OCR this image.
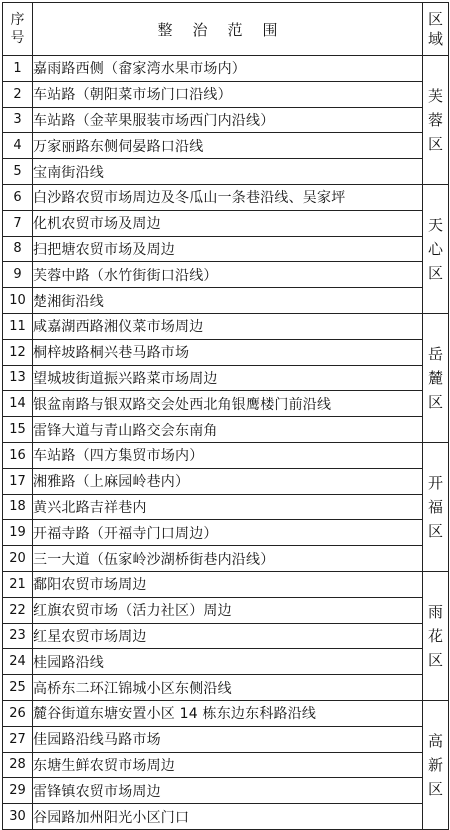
序
号	整治范围	区
域

1	嘉雨路西侧（畲家湾水果市场内）	芙
蓉
区

2	车站路（朝阳菜市场门口沿线）	
3	车站路（金苹果服装市场西门内沿线）	
4	万家丽路东侧伺晏路口沿线	
5	宝南街沿线	
6	白沙路农贸市场周边及冬瓜山一条巷沿线、吴家坪	天
心
区

7	化机农贸市场及周边	
8	扫把塘农贸市场及周边	
9	芙蓉中路（水竹街街口沿线）	
10	楚湘街沿线	
11	咸嘉湖西路湘仪菜市场周边	岳
麓
区

12	桐梓坡路桐兴巷马路市场	
13	望城坡街道振兴路菜市场周边	
14	银盆南路与银双路交会处西北角银鹰楼门前沿线	
15	雷锋大道与青山路交会东南角	
16	车站路（四方集贸市场内）	开
福
区

17	湘雅路（上麻园岭巷内）	
18	黄兴北路吉祥巷内	
19	开福寺路（开福寺门口周边）	
20	三一大道（伍家岭沙湖桥街巷内沿线）	
21	鄱阳农贸市场周边	雨
花
区

22	红旗农贸市场（活力社区）周边	
23	红星农贸市场周边	
24	桂园路沿线	
25	高桥东二环江锦城小区东侧沿线	
26	麓谷街道东塘安置小区 14 栋东边东科路沿线	高
新
区

27	佳园路沿线马路市场	
28	东塘生鲜农贸市场周边	
29	雷锋镇农贸市场周边	
30	谷园路加州阳光小区门口	
